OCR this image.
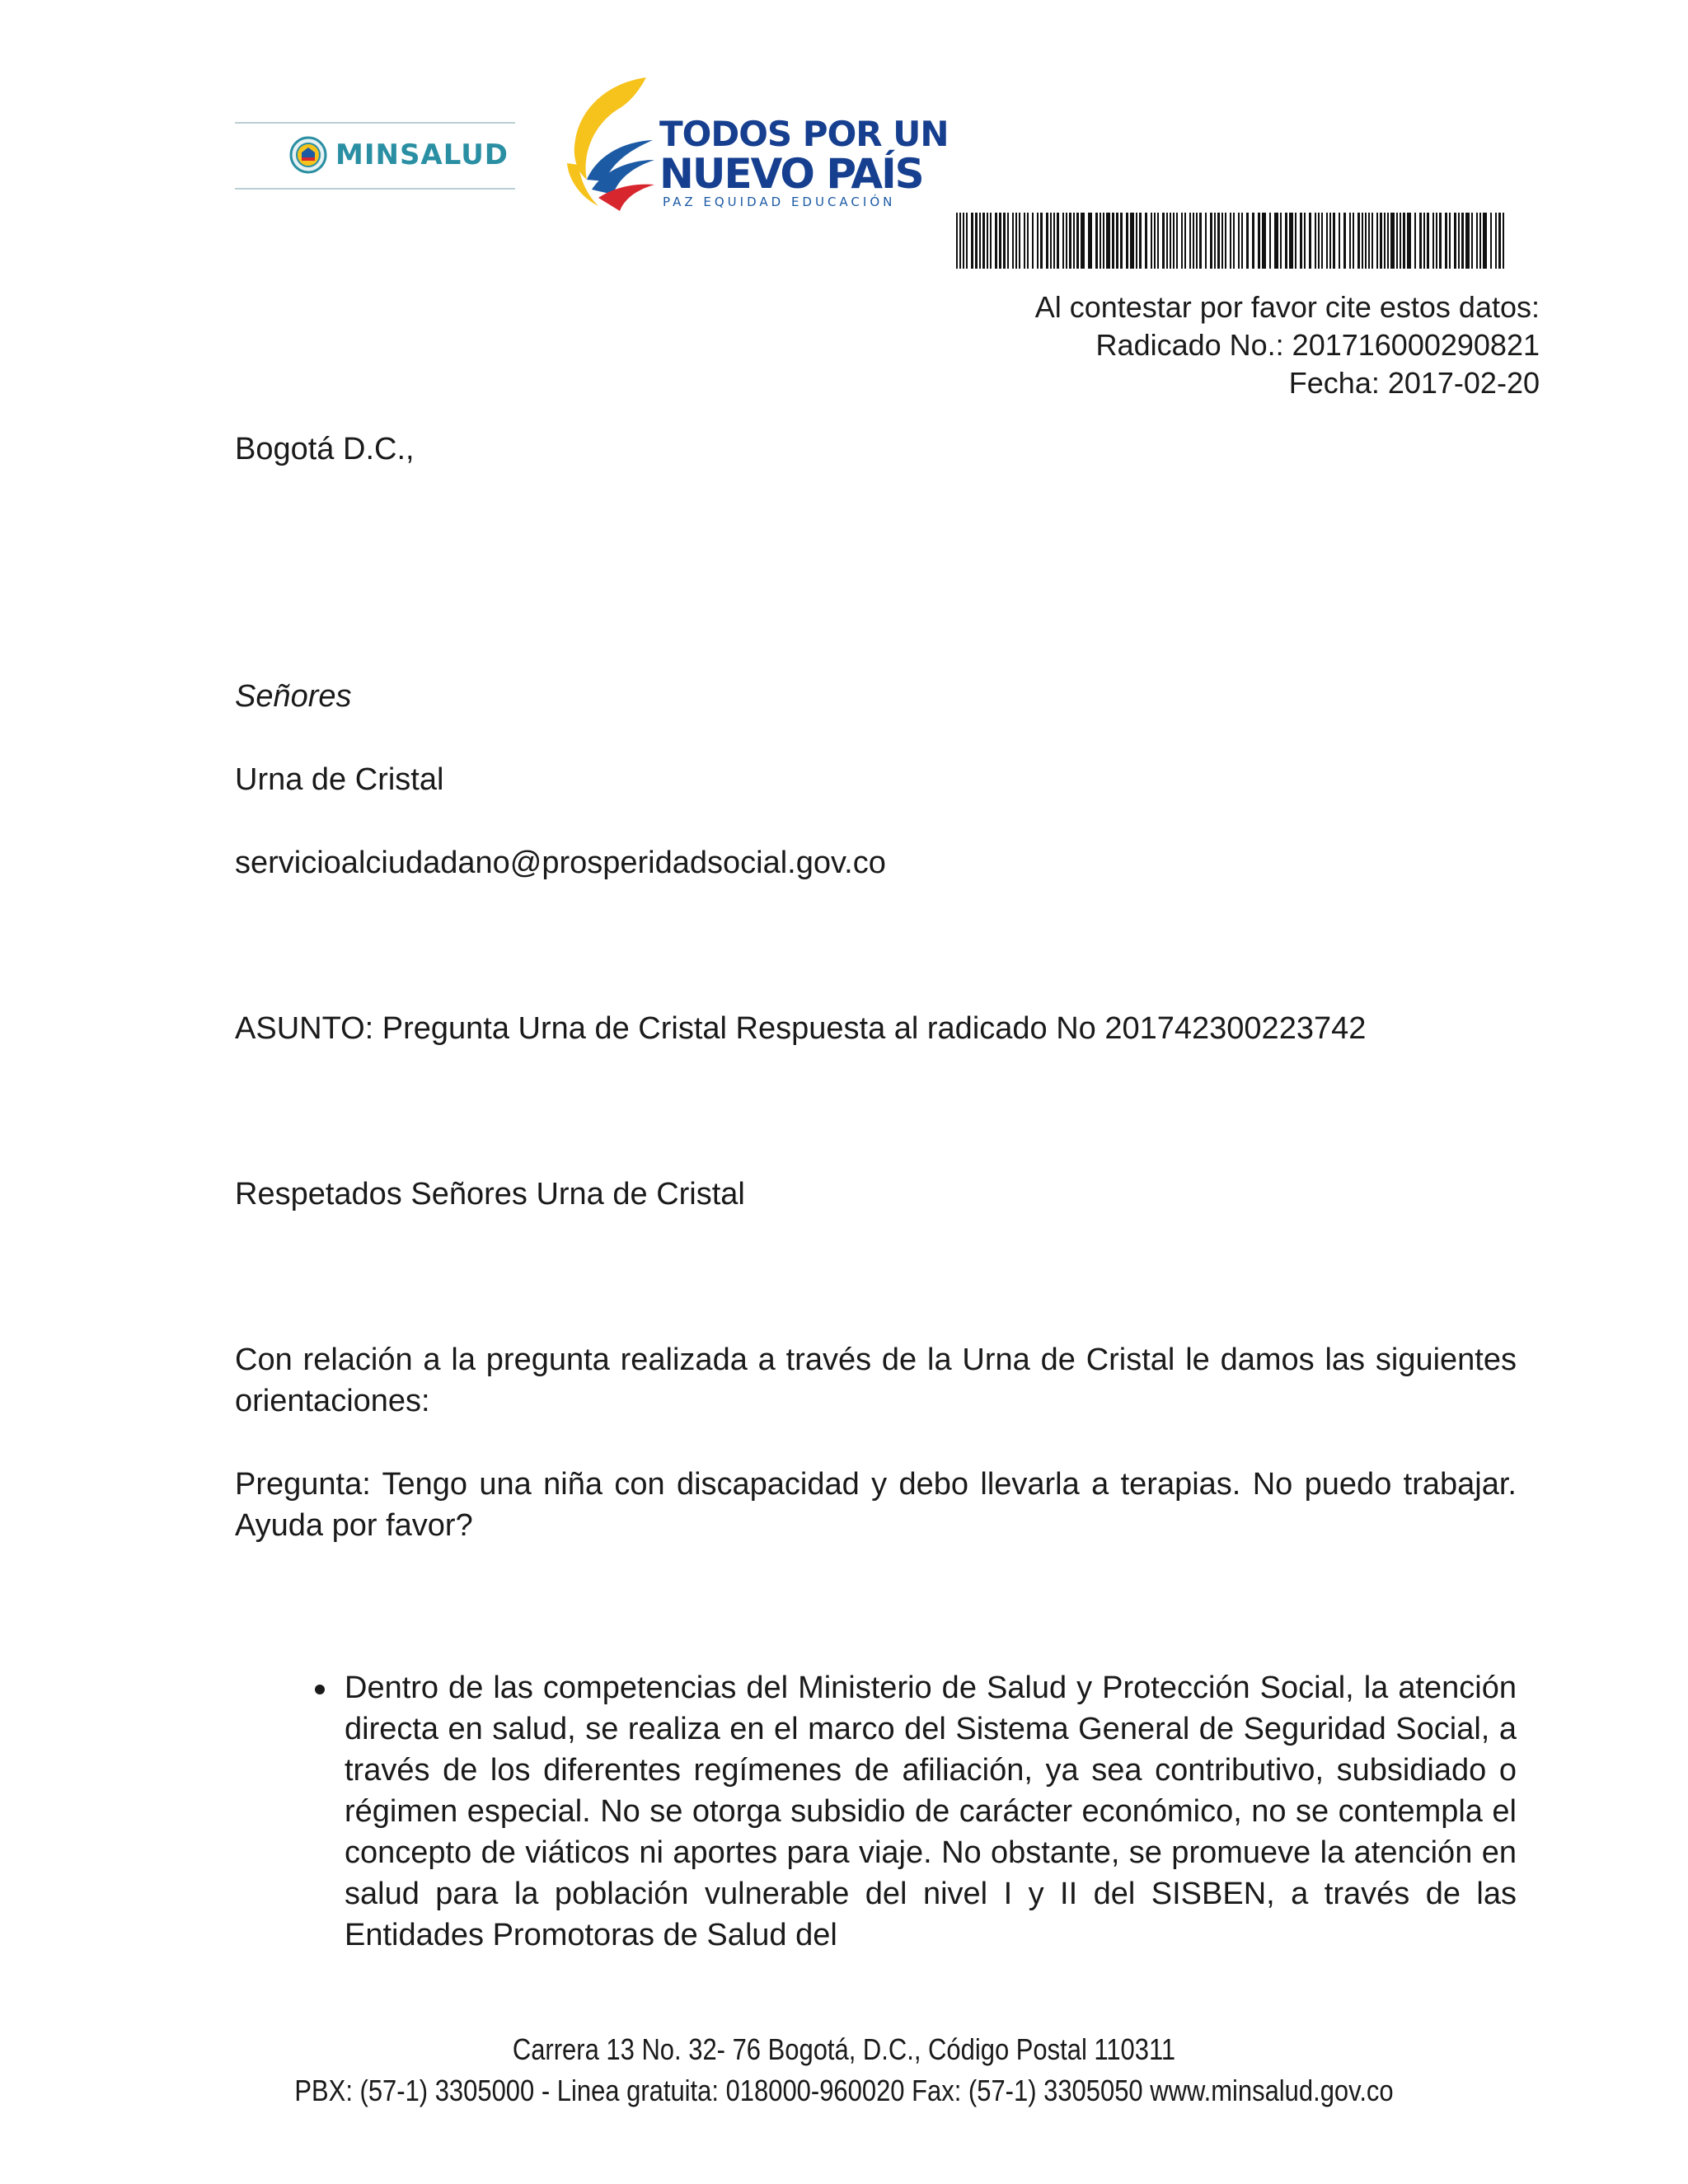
MINSALUD
TODOS POR UN
NUEVO PAÍS
PAZ EQUIDAD EDUCACIÓN
Al contestar por favor cite estos datos:
Radicado No.: 201716000290821
Fecha: 2017-02-20
Bogotá D.C.,
Señores
Urna de Cristal
servicioalciudadano@prosperidadsocial.gov.co
ASUNTO: Pregunta Urna de Cristal Respuesta al radicado No 201742300223742
Respetados Señores Urna de Cristal
Con relación a la pregunta realizada a través de la Urna de Cristal le damos las siguientes orientaciones:
Pregunta: Tengo una niña con discapacidad y debo llevarla a terapias. No puedo trabajar. Ayuda por favor?
Dentro de las competencias del Ministerio de Salud y Protección Social, la atención directa en salud, se realiza en el marco del Sistema General de Seguridad Social, a través de los diferentes regímenes de afiliación, ya sea contributivo, subsidiado o régimen especial. No se otorga subsidio de carácter económico, no se contempla el concepto de viáticos ni aportes para viaje. No obstante, se promueve la atención en salud para la población vulnerable del nivel I y II del SISBEN, a través de las Entidades Promotoras de Salud del
Carrera 13 No. 32- 76 Bogotá, D.C., Código Postal 110311
PBX: (57-1) 3305000 - Linea gratuita: 018000-960020 Fax: (57-1) 3305050 www.minsalud.gov.co
